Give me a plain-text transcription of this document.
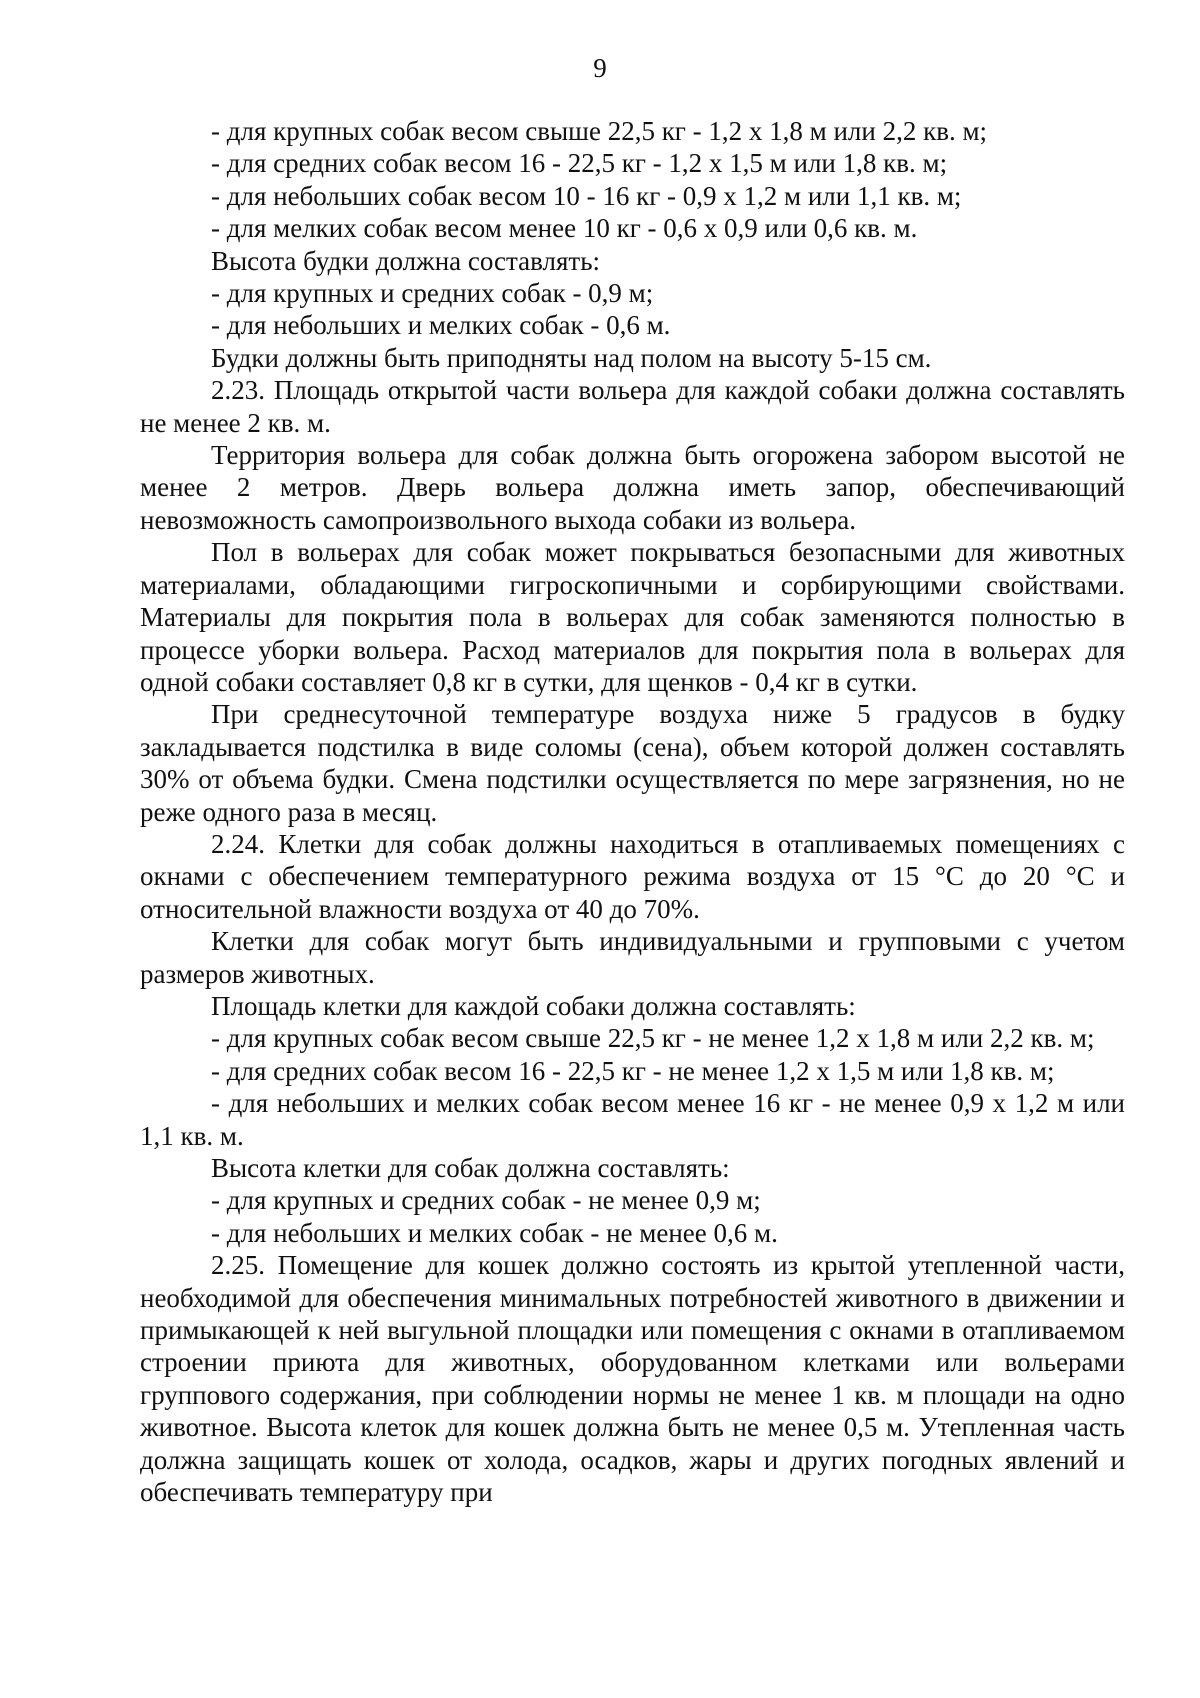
9

- для крупных собак весом свыше 22,5 кг - 1,2 х 1,8 м или 2,2 кв. м;

- для средних собак весом 16 - 22,5 кг - 1,2 х 1,5 м или 1,8 кв. м;

- для небольших собак весом 10 - 16 кг - 0,9 х 1,2 м или 1,1 кв. м;

- для мелких собак весом менее 10 кг - 0,6 х 0,9 или 0,6 кв. м.

Высота будки должна составлять:

- для крупных и средних собак - 0,9 м;

- для небольших и мелких собак - 0,6 м.

Будки должны быть приподняты над полом на высоту 5-15 см.

2.23. Площадь открытой части вольера для каждой собаки должна составлять не менее 2 кв. м.

Территория вольера для собак должна быть огорожена забором высотой не менее 2 метров. Дверь вольера должна иметь запор, обеспечивающий невозможность самопроизвольного выхода собаки из вольера.

Пол в вольерах для собак может покрываться безопасными для животных материалами, обладающими гигроскопичными и сорбирующими свойствами. Материалы для покрытия пола в вольерах для собак заменяются полностью в процессе уборки вольера. Расход материалов для покрытия пола в вольерах для одной собаки составляет 0,8 кг в сутки, для щенков - 0,4 кг в сутки.

При среднесуточной температуре воздуха ниже 5 градусов в будку закладывается подстилка в виде соломы (сена), объем которой должен составлять 30% от объема будки. Смена подстилки осуществляется по мере загрязнения, но не реже одного раза в месяц.

2.24. Клетки для собак должны находиться в отапливаемых помещениях с окнами с обеспечением температурного режима воздуха от 15 °С до 20 °С и относительной влажности воздуха от 40 до 70%.

Клетки для собак могут быть индивидуальными и групповыми с учетом размеров животных.

Площадь клетки для каждой собаки должна составлять:

- для крупных собак весом свыше 22,5 кг - не менее 1,2 х 1,8 м или 2,2 кв. м;

- для средних собак весом 16 - 22,5 кг - не менее 1,2 х 1,5 м или 1,8 кв. м;

- для небольших и мелких собак весом менее 16 кг - не менее 0,9 х 1,2 м или 1,1 кв. м.

Высота клетки для собак должна составлять:

- для крупных и средних собак - не менее 0,9 м;

- для небольших и мелких собак - не менее 0,6 м.

2.25. Помещение для кошек должно состоять из крытой утепленной части, необходимой для обеспечения минимальных потребностей животного в движении и примыкающей к ней выгульной площадки или помещения с окнами в отапливаемом строении приюта для животных, оборудованном клетками или вольерами группового содержания, при соблюдении нормы не менее 1 кв. м площади на одно животное. Высота клеток для кошек должна быть не менее 0,5 м. Утепленная часть должна защищать кошек от холода, осадков, жары и других погодных явлений и обеспечивать температуру при
